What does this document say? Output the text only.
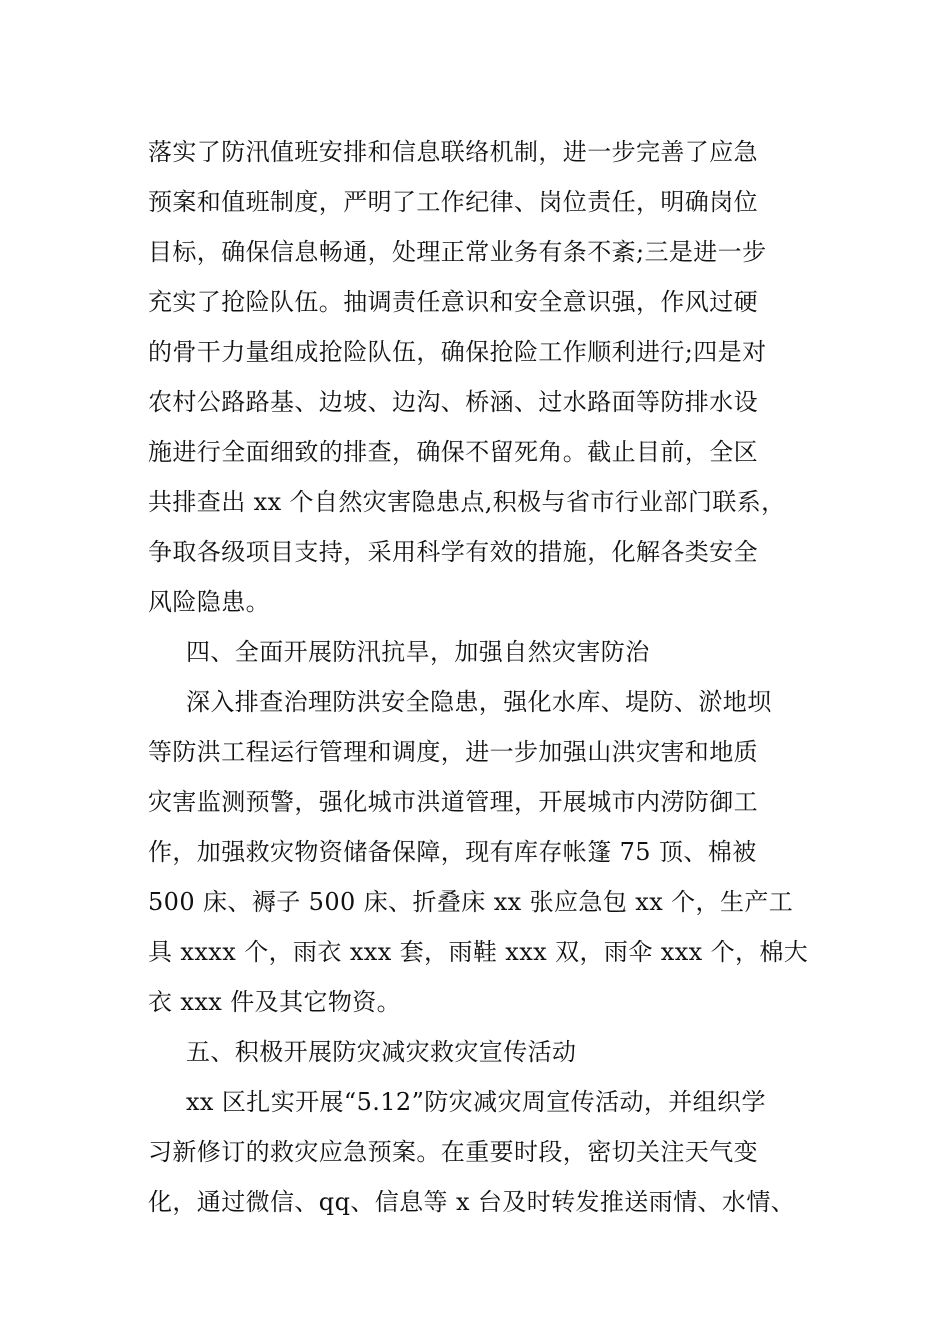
落实了防汛值班安排和信息联络机制，进一步完善了应急
预案和值班制度，严明了工作纪律、岗位责任，明确岗位
目标，确保信息畅通，处理正常业务有条不紊;三是进一步
充实了抢险队伍。抽调责任意识和安全意识强，作风过硬
的骨干力量组成抢险队伍，确保抢险工作顺利进行;四是对
农村公路路基、边坡、边沟、桥涵、过水路面等防排水设
施进行全面细致的排查，确保不留死角。截止目前，全区
共排查出 xx 个自然灾害隐患点,积极与省市行业部门联系，
争取各级项目支持，采用科学有效的措施，化解各类安全
风险隐患。
四、全面开展防汛抗旱，加强自然灾害防治
深入排查治理防洪安全隐患，强化水库、堤防、淤地坝
等防洪工程运行管理和调度，进一步加强山洪灾害和地质
灾害监测预警，强化城市洪道管理，开展城市内涝防御工
作，加强救灾物资储备保障，现有库存帐篷 75 顶、棉被
500 床、褥子 500 床、折叠床 xx 张应急包 xx 个，生产工
具 xxxx 个，雨衣 xxx 套，雨鞋 xxx 双，雨伞 xxx 个，棉大
衣 xxx 件及其它物资。
五、积极开展防灾减灾救灾宣传活动
xx 区扎实开展“5.12”防灾减灾周宣传活动，并组织学
习新修订的救灾应急预案。在重要时段，密切关注天气变
化，通过微信、qq、信息等 x 台及时转发推送雨情、水情、
